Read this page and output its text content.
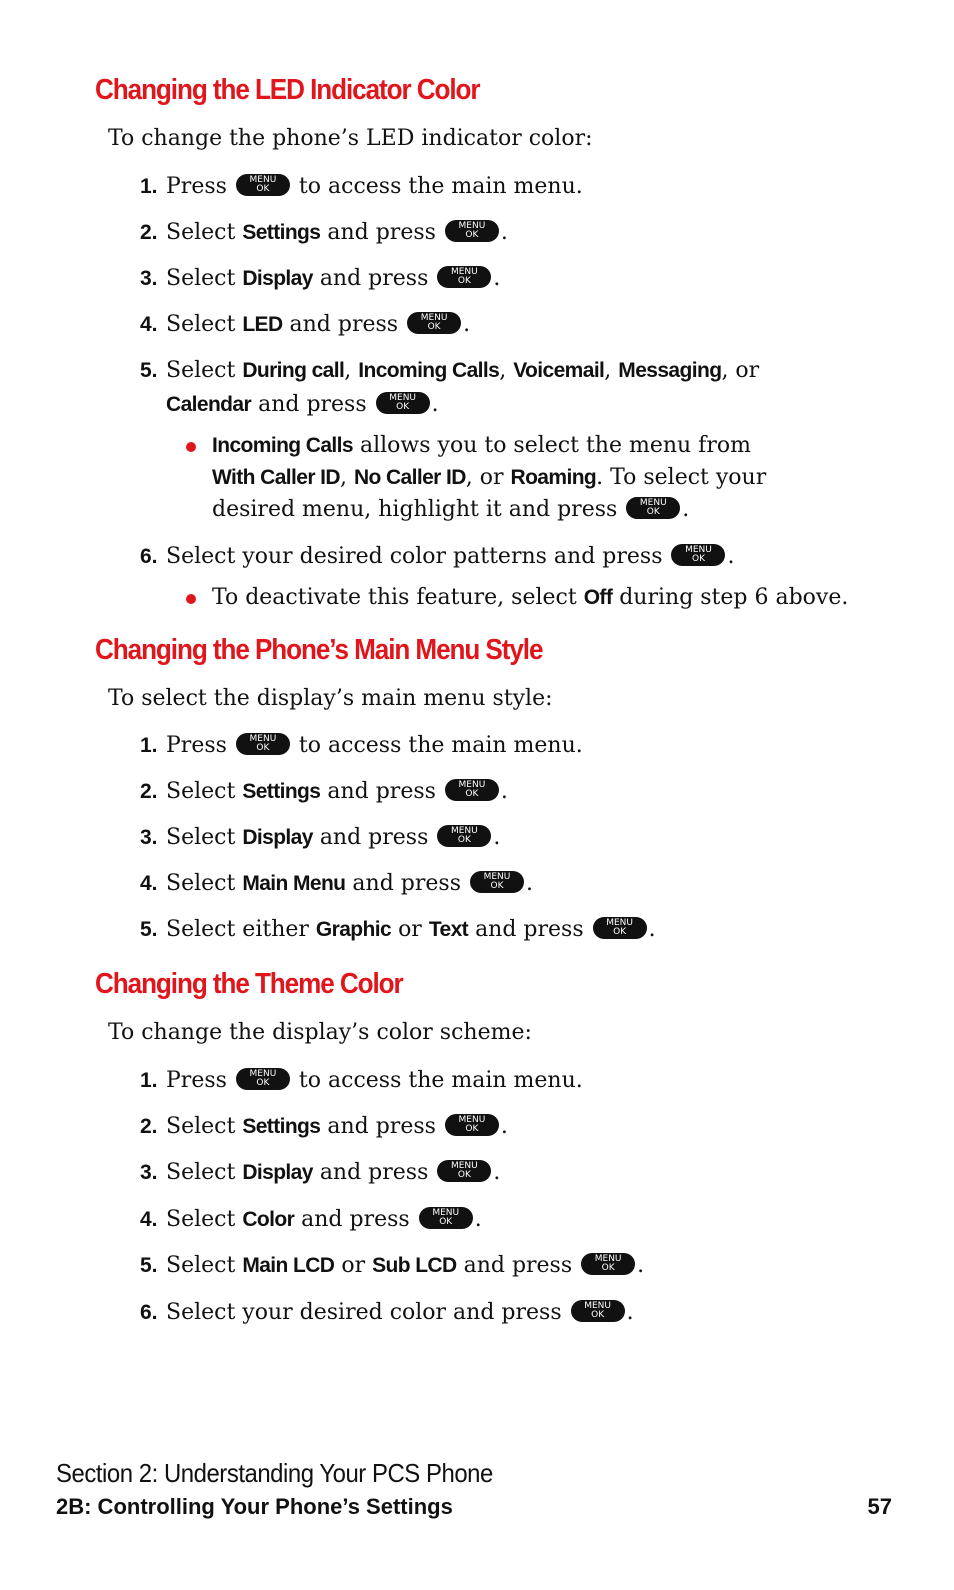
Changing the LED Indicator Color
To change the phone’s LED indicator color:
1. Press	MENU
OK	to access the main menu.
2. Select Settings and press	MENU
OK	.
3. Select Display and press	MENU
OK	.
4. Select LED and press	MENU
OK	.
5. Select During call, Incoming Calls, Voicemail, Messaging, or
Calendar and press	MENU
OK	.
Incoming Calls allows you to select the menu from
With Caller ID, No Caller ID, or Roaming. To select your
desired menu, highlight it and press	MENU
OK	.
6. Select your desired color patterns and press	MENU
OK	.
To deactivate this feature, select Off during step 6 above.
Changing the Phone’s Main Menu Style
To select the display’s main menu style:
1. Press	MENU
OK	to access the main menu.
2. Select Settings and press	MENU
OK	.
3. Select Display and press	MENU
OK	.
4. Select Main Menu and press	MENU
OK	.
5. Select either Graphic or Text and press	MENU
OK	.
Changing the Theme Color
To change the display’s color scheme:
1. Press	MENU
OK	to access the main menu.
2. Select Settings and press	MENU
OK	.
3. Select Display and press	MENU
OK	.
4. Select Color and press	MENU
OK	.
5. Select Main LCD or Sub LCD and press	MENU
OK	.
6. Select your desired color and press	MENU
OK	.
Section 2: Understanding Your PCS Phone
2B: Controlling Your Phone’s Settings	57
